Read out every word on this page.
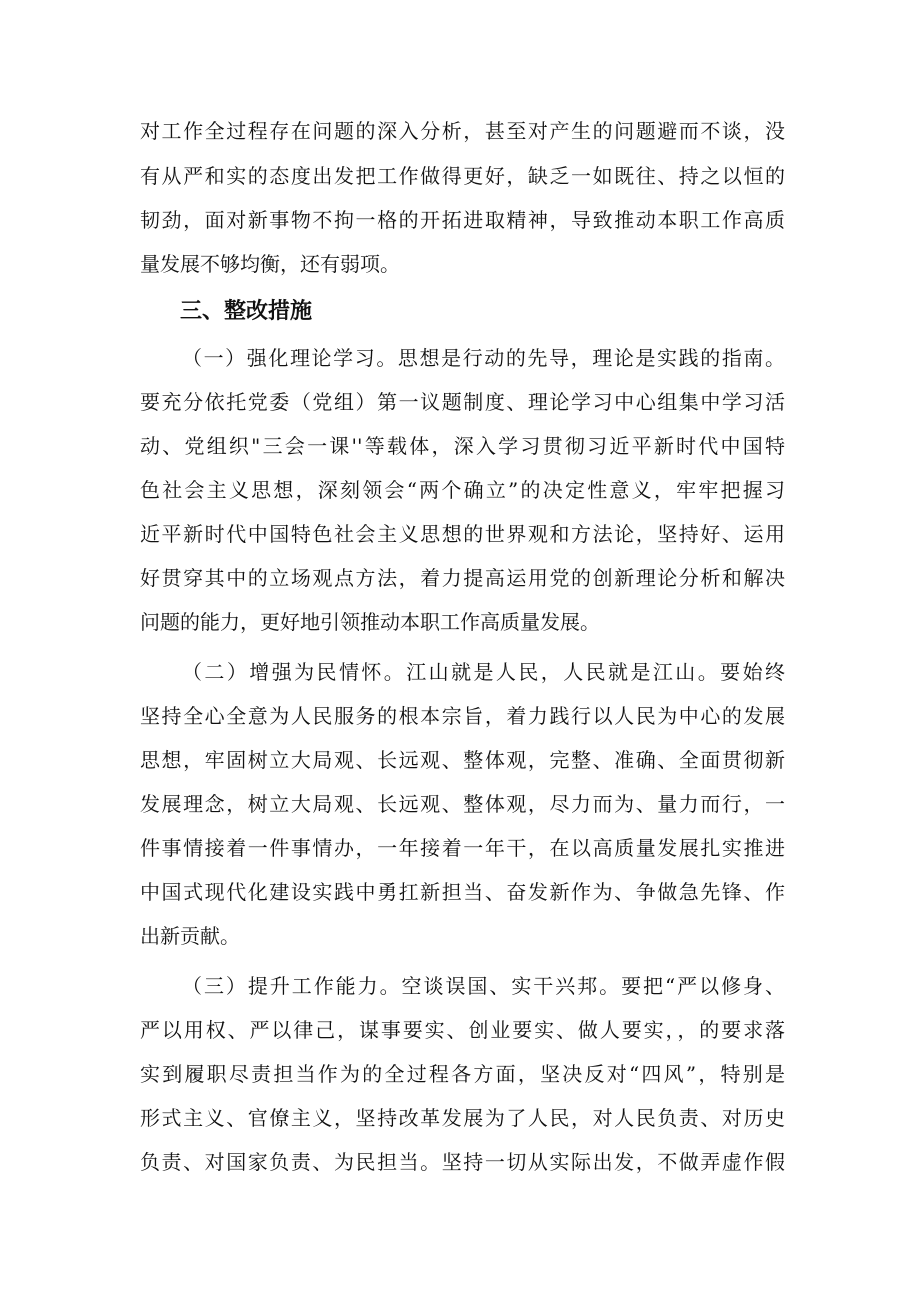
对工作全过程存在问题的深入分析，甚至对产生的问题避而不谈，没
有从严和实的态度出发把工作做得更好，缺乏一如既往、持之以恒的
韧劲，面对新事物不拘一格的开拓进取精神，导致推动本职工作高质
量发展不够均衡，还有弱项。
三、整改措施
（一）强化理论学习。思想是行动的先导，理论是实践的指南。
要充分依托党委（党组）第一议题制度、理论学习中心组集中学习活
动、党组织"三会一课''等载体，深入学习贯彻习近平新时代中国特
色社会主义思想，深刻领会“两个确立”的决定性意义，牢牢把握习
近平新时代中国特色社会主义思想的世界观和方法论，坚持好、运用
好贯穿其中的立场观点方法，着力提高运用党的创新理论分析和解决
问题的能力，更好地引领推动本职工作高质量发展。
（二）增强为民情怀。江山就是人民，人民就是江山。要始终
坚持全心全意为人民服务的根本宗旨，着力践行以人民为中心的发展
思想，牢固树立大局观、长远观、整体观，完整、准确、全面贯彻新
发展理念，树立大局观、长远观、整体观，尽力而为、量力而行，一
件事情接着一件事情办，一年接着一年干，在以高质量发展扎实推进
中国式现代化建设实践中勇扛新担当、奋发新作为、争做急先锋、作
出新贡献。
（三）提升工作能力。空谈误国、实干兴邦。要把“严以修身、
严以用权、严以律己，谋事要实、创业要实、做人要实，，的要求落
实到履职尽责担当作为的全过程各方面，坚决反对“四风”，特别是
形式主义、官僚主义，坚持改革发展为了人民，对人民负责、对历史
负责、对国家负责、为民担当。坚持一切从实际出发，不做弄虚作假
